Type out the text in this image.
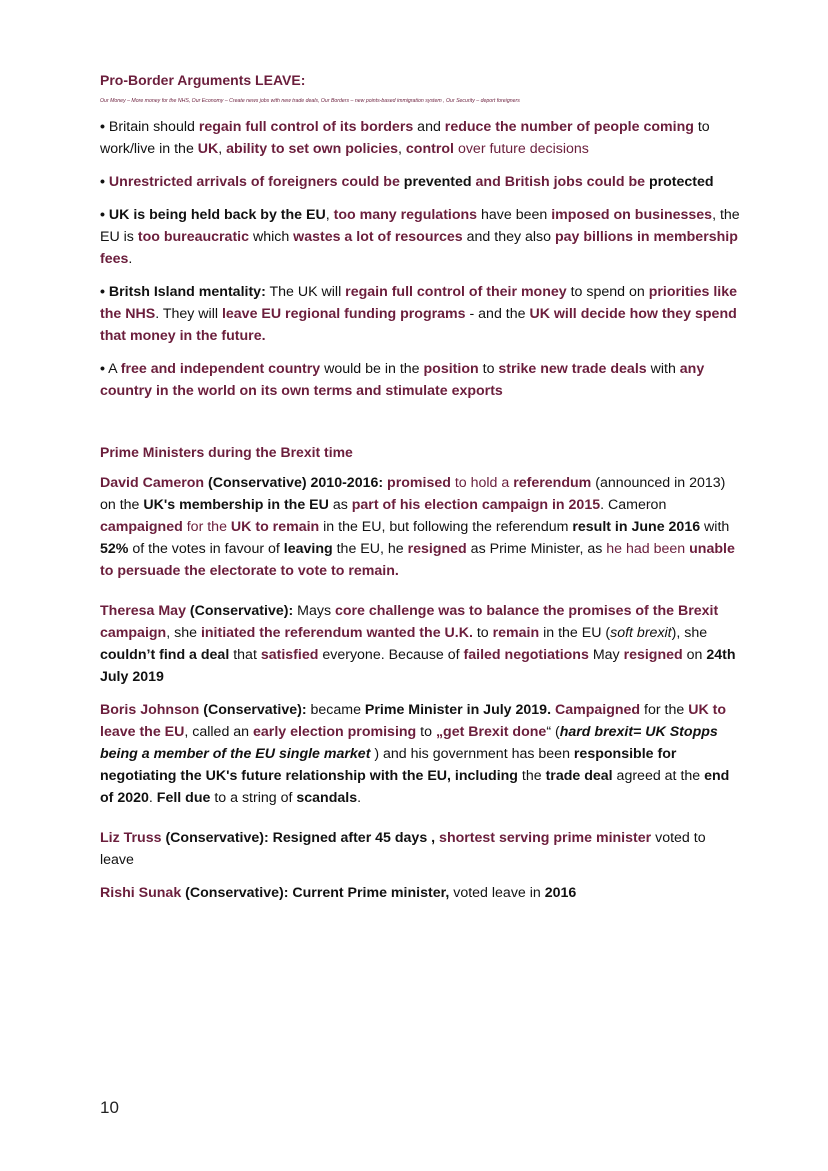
Pro-Border Arguments LEAVE:

Our Money – More money for the NHS, Our Economy – Create news jobs with new trade deals, Our Borders – new points-based immigration system , Our Security – deport foreigners

• Britain should regain full control of its borders and reduce the number of people coming to work/live in the UK, ability to set own policies, control over future decisions

• Unrestricted arrivals of foreigners could be prevented and British jobs could be protected

• UK is being held back by the EU, too many regulations have been imposed on businesses, the EU is too bureaucratic which wastes a lot of resources and they also pay billions in membership fees.

• Britsh Island mentality: The UK will regain full control of their money to spend on priorities like the NHS. They will leave EU regional funding programs - and the UK will decide how they spend that money in the future.

• A free and independent country would be in the position to strike new trade deals with any country in the world on its own terms and stimulate exports

Prime Ministers during the Brexit time

David Cameron (Conservative) 2010-2016: promised to hold a referendum (announced in 2013) on the UK's membership in the EU as part of his election campaign in 2015. Cameron campaigned for the UK to remain in the EU, but following the referendum result in June 2016 with 52% of the votes in favour of leaving the EU, he resigned as Prime Minister, as he had been unable to persuade the electorate to vote to remain.

Theresa May (Conservative): Mays core challenge was to balance the promises of the Brexit campaign, she initiated the referendum wanted the U.K. to remain in the EU (soft brexit), she couldn’t find a deal that satisfied everyone. Because of failed negotiations May resigned on 24th July 2019

Boris Johnson (Conservative): became Prime Minister in July 2019. Campaigned for the UK to leave the EU, called an early election promising to „get Brexit done“ (hard brexit= UK Stopps being a member of the EU single market ) and his government has been responsible for negotiating the UK's future relationship with the EU, including the trade deal agreed at the end of 2020. Fell due to a string of scandals.

Liz Truss (Conservative): Resigned after 45 days , shortest serving prime minister voted to leave

Rishi Sunak (Conservative): Current Prime minister, voted leave in 2016

10
